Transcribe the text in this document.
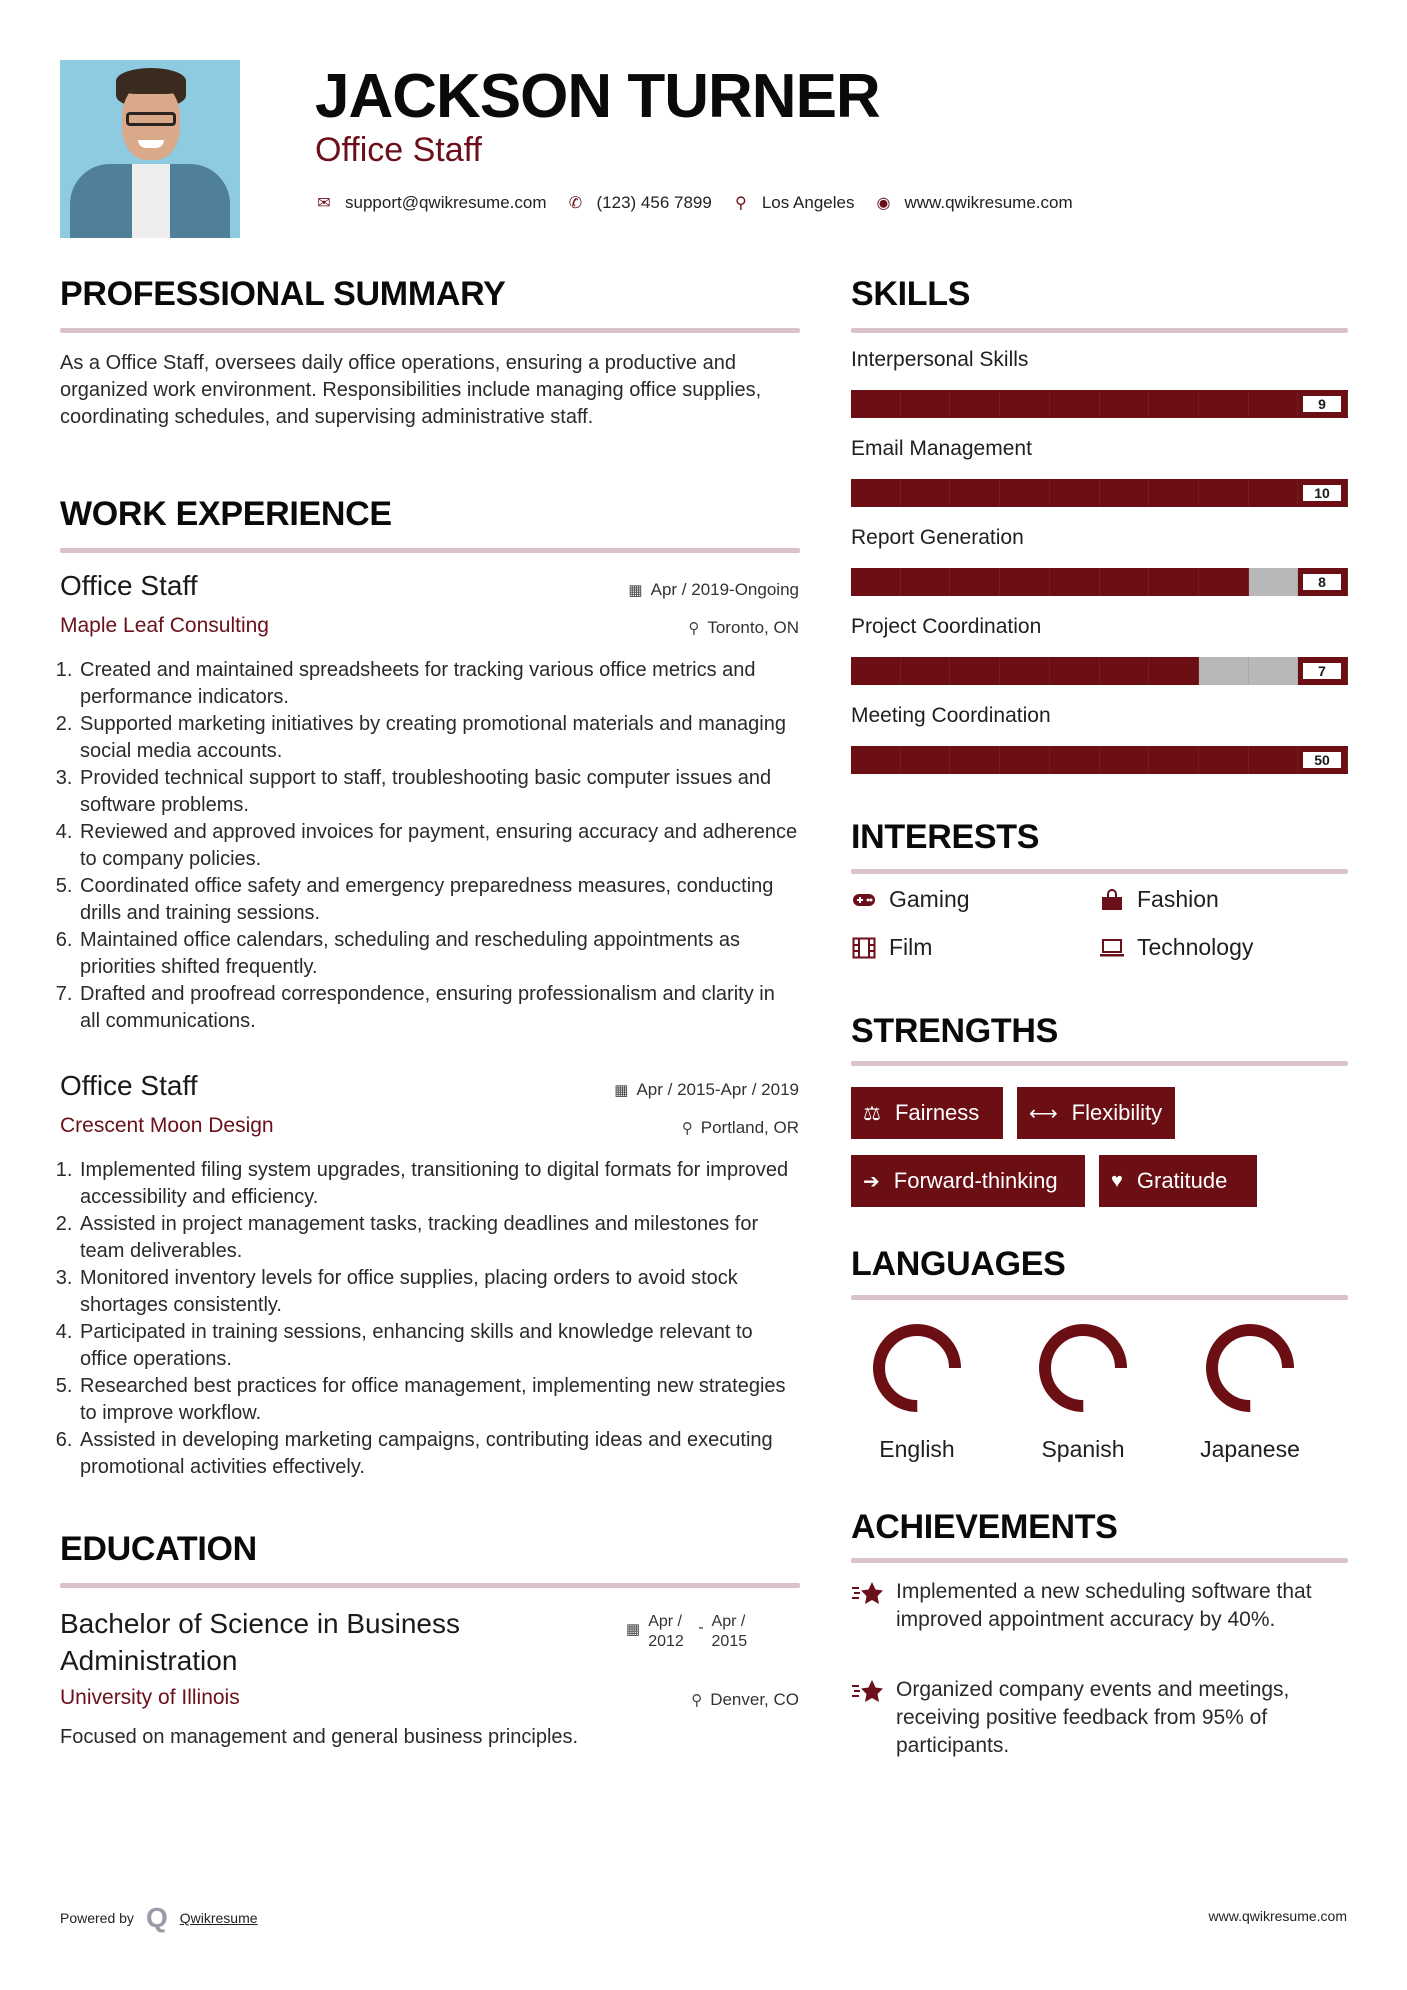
JACKSON TURNER
Office Staff
✉ support@qwikresume.com ✆ (123) 456 7899 ⚲ Los Angeles ◉ www.qwikresume.com
PROFESSIONAL SUMMARY
As a Office Staff, oversees daily office operations, ensuring a productive and organized work environment. Responsibilities include managing office supplies, coordinating schedules, and supervising administrative staff.
WORK EXPERIENCE
Office Staff	▦ Apr / 2019-Ongoing
Maple Leaf Consulting	⚲ Toronto, ON
1. Created and maintained spreadsheets for tracking various office metrics and performance indicators.
2. Supported marketing initiatives by creating promotional materials and managing social media accounts.
3. Provided technical support to staff, troubleshooting basic computer issues and software problems.
4. Reviewed and approved invoices for payment, ensuring accuracy and adherence to company policies.
5. Coordinated office safety and emergency preparedness measures, conducting drills and training sessions.
6. Maintained office calendars, scheduling and rescheduling appointments as priorities shifted frequently.
7. Drafted and proofread correspondence, ensuring professionalism and clarity in all communications.
Office Staff	▦ Apr / 2015-Apr / 2019
Crescent Moon Design	⚲ Portland, OR
1. Implemented filing system upgrades, transitioning to digital formats for improved accessibility and efficiency.
2. Assisted in project management tasks, tracking deadlines and milestones for team deliverables.
3. Monitored inventory levels for office supplies, placing orders to avoid stock shortages consistently.
4. Participated in training sessions, enhancing skills and knowledge relevant to office operations.
5. Researched best practices for office management, implementing new strategies to improve workflow.
6. Assisted in developing marketing campaigns, contributing ideas and executing promotional activities effectively.
EDUCATION
Bachelor of Science in Business Administration
▦ Apr / 2012
- Apr / 2015
University of Illinois	⚲ Denver, CO
Focused on management and general business principles.
SKILLS
Interpersonal Skills
9
Email Management
10
Report Generation
8
Project Coordination
7
Meeting Coordination
50
INTERESTS
Gaming	Fashion
Film	Technology
STRENGTHS
⚖ Fairness ⟷ Flexibility
➔ Forward-thinking	♥ Gratitude
LANGUAGES
English	Spanish	Japanese
ACHIEVEMENTS
Implemented a new scheduling software that improved appointment accuracy by 40%.
Organized company events and meetings, receiving positive feedback from 95% of participants.
Powered by Q Qwikresume	www.qwikresume.com
